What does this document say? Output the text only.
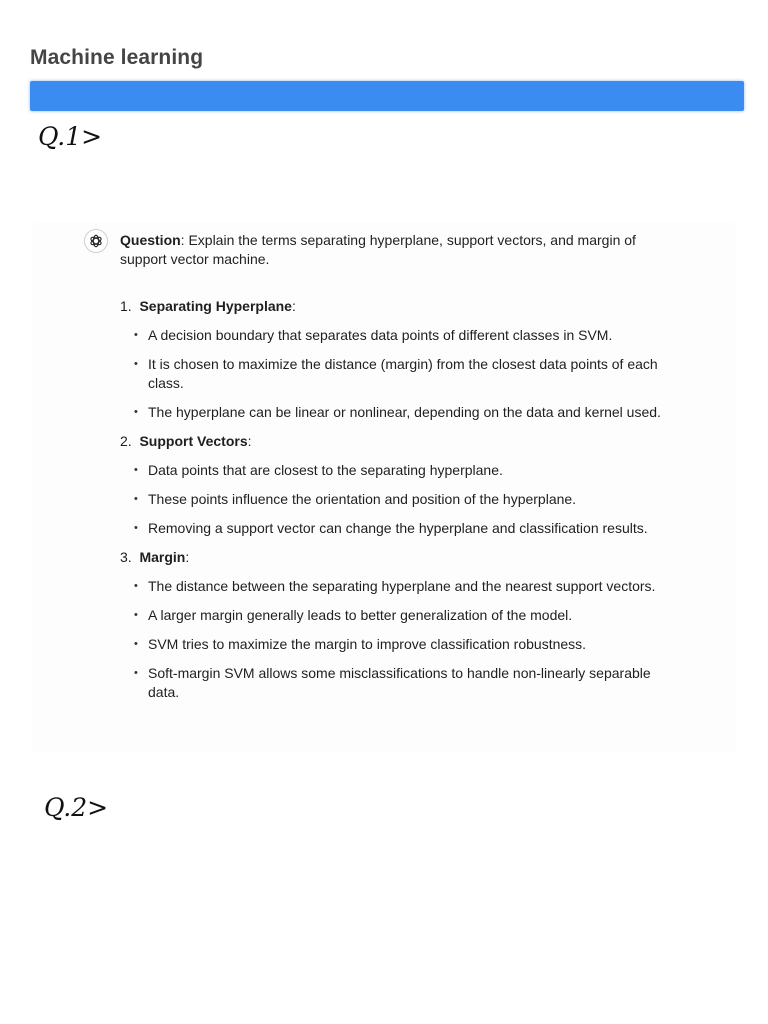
Machine learning
Q.1>

Question: Explain the terms separating hyperplane, support vectors, and margin of support vector machine.

1. Separating Hyperplane:
• A decision boundary that separates data points of different classes in SVM.
• It is chosen to maximize the distance (margin) from the closest data points of each class.
• The hyperplane can be linear or nonlinear, depending on the data and kernel used.
2. Support Vectors:
• Data points that are closest to the separating hyperplane.
• These points influence the orientation and position of the hyperplane.
• Removing a support vector can change the hyperplane and classification results.
3. Margin:
• The distance between the separating hyperplane and the nearest support vectors.
• A larger margin generally leads to better generalization of the model.
• SVM tries to maximize the margin to improve classification robustness.
• Soft-margin SVM allows some misclassifications to handle non-linearly separable data.
Q.2>
